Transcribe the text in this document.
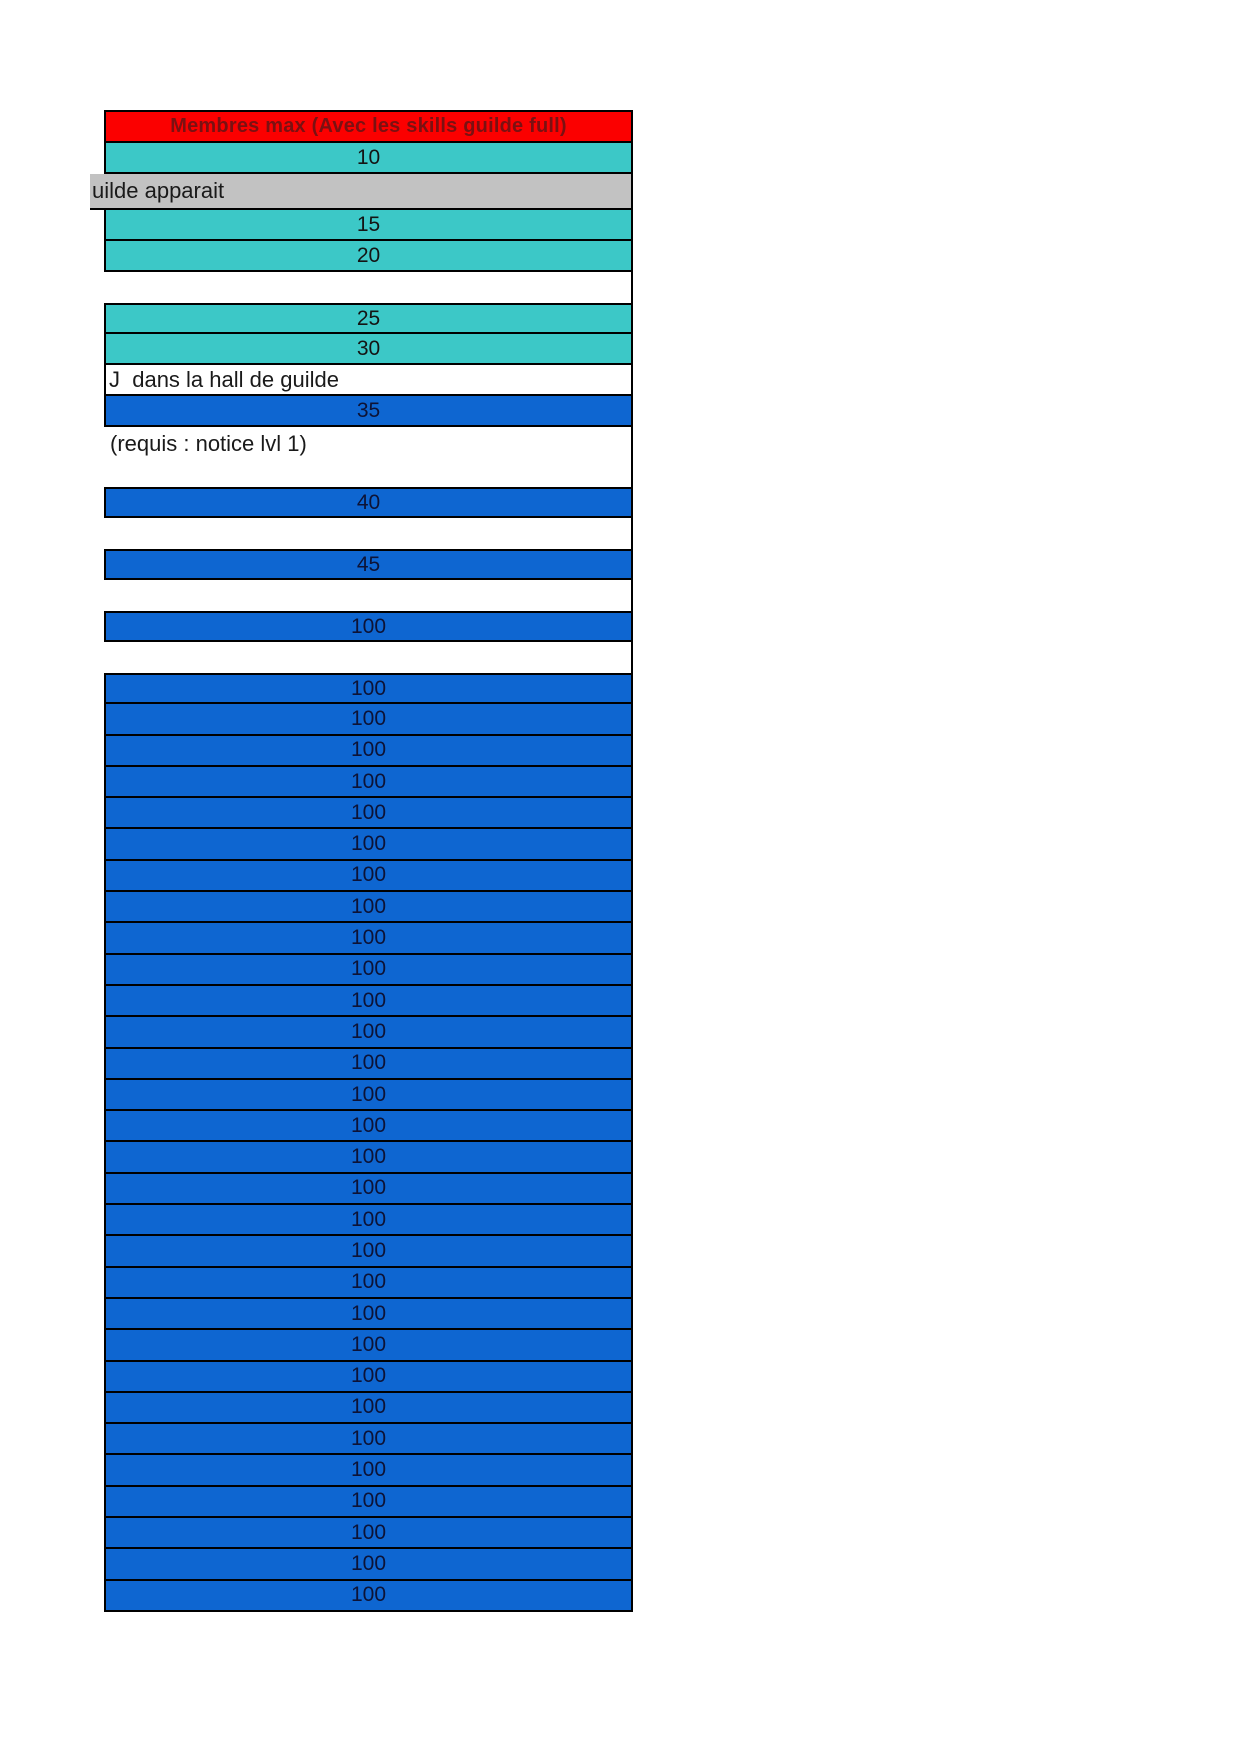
Membres max (Avec les skills guilde full)
10
uilde apparait
15
20
25
30
J  dans la hall de guilde
35
(requis : notice lvl 1)
40
45
100
100
100
100
100
100
100
100
100
100
100
100
100
100
100
100
100
100
100
100
100
100
100
100
100
100
100
100
100
100
100
